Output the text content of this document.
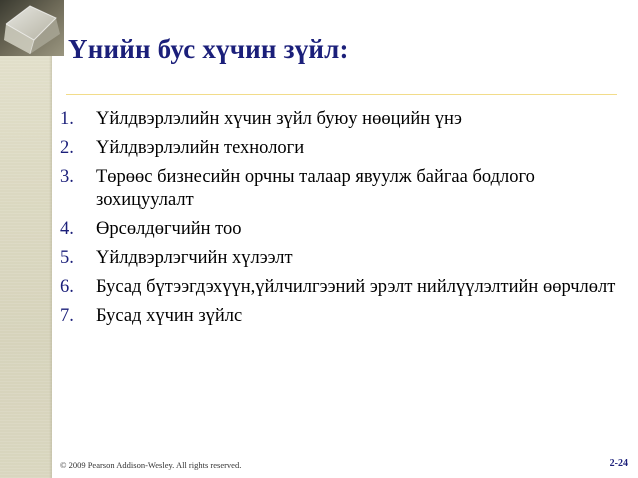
Үнийн бус хүчин зүйл:
1.	Үйлдвэрлэлийн хүчин зүйл буюу нөөцийн үнэ
2.	Үйлдвэрлэлийн технологи
3.	Төрөөс бизнесийн орчны талаар явуулж байгаа бодлого зохицуулалт
4.	Өрсөлдөгчийн тоо
5.	Үйлдвэрлэгчийн хүлээлт
6.	Бусад бүтээгдэхүүн,үйлчилгээний эрэлт нийлүүлэлтийн өөрчлөлт
7.	Бусад хүчин зүйлс
© 2009 Pearson Addison-Wesley. All rights reserved.	2-24
